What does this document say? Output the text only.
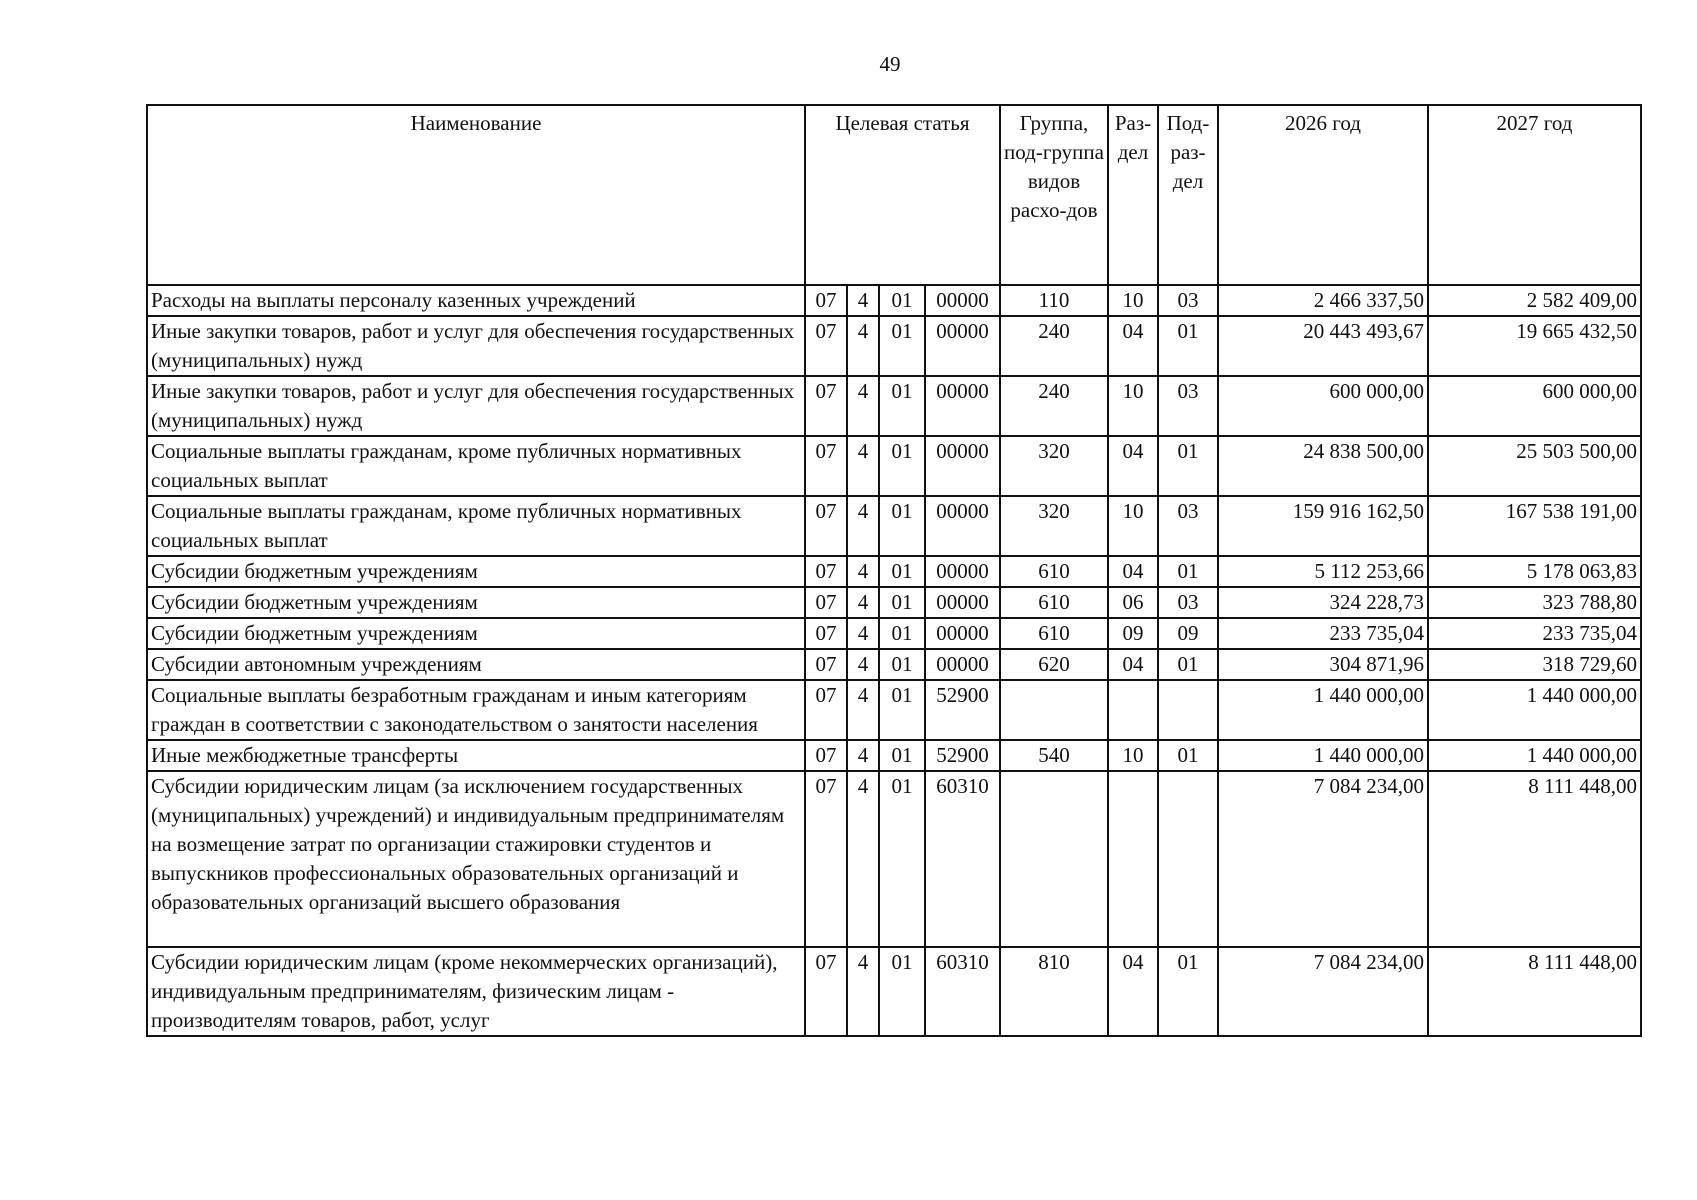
49
Наименование	Целевая статья				Группа, под-группа видов расхо-дов	Раз-дел	Под-раз-дел	2026 год	2027 год
Расходы на выплаты персоналу казенных учреждений	07	4	01	00000	110	10	03	2 466 337,50	2 582 409,00
Иные закупки товаров, работ и услуг для обеспечения государственных (муниципальных) нужд	07	4	01	00000	240	04	01	20 443 493,67	19 665 432,50
Иные закупки товаров, работ и услуг для обеспечения государственных (муниципальных) нужд	07	4	01	00000	240	10	03	600 000,00	600 000,00
Социальные выплаты гражданам, кроме публичных нормативных социальных выплат	07	4	01	00000	320	04	01	24 838 500,00	25 503 500,00
Социальные выплаты гражданам, кроме публичных нормативных социальных выплат	07	4	01	00000	320	10	03	159 916 162,50	167 538 191,00
Субсидии бюджетным учреждениям	07	4	01	00000	610	04	01	5 112 253,66	5 178 063,83
Субсидии бюджетным учреждениям	07	4	01	00000	610	06	03	324 228,73	323 788,80
Субсидии бюджетным учреждениям	07	4	01	00000	610	09	09	233 735,04	233 735,04
Субсидии автономным учреждениям	07	4	01	00000	620	04	01	304 871,96	318 729,60
Социальные выплаты безработным гражданам и иным категориям граждан в соответствии с законодательством о занятости населения	07	4	01	52900				1 440 000,00	1 440 000,00
Иные межбюджетные трансферты	07	4	01	52900	540	10	01	1 440 000,00	1 440 000,00
Субсидии юридическим лицам (за исключением государственных (муниципальных) учреждений) и индивидуальным предпринимателям на возмещение затрат по организации стажировки студентов и выпускников профессиональных образовательных организаций и образовательных организаций высшего образования	07	4	01	60310				7 084 234,00	8 111 448,00
Субсидии юридическим лицам (кроме некоммерческих организаций), индивидуальным предпринимателям, физическим лицам - производителям товаров, работ, услуг	07	4	01	60310	810	04	01	7 084 234,00	8 111 448,00
